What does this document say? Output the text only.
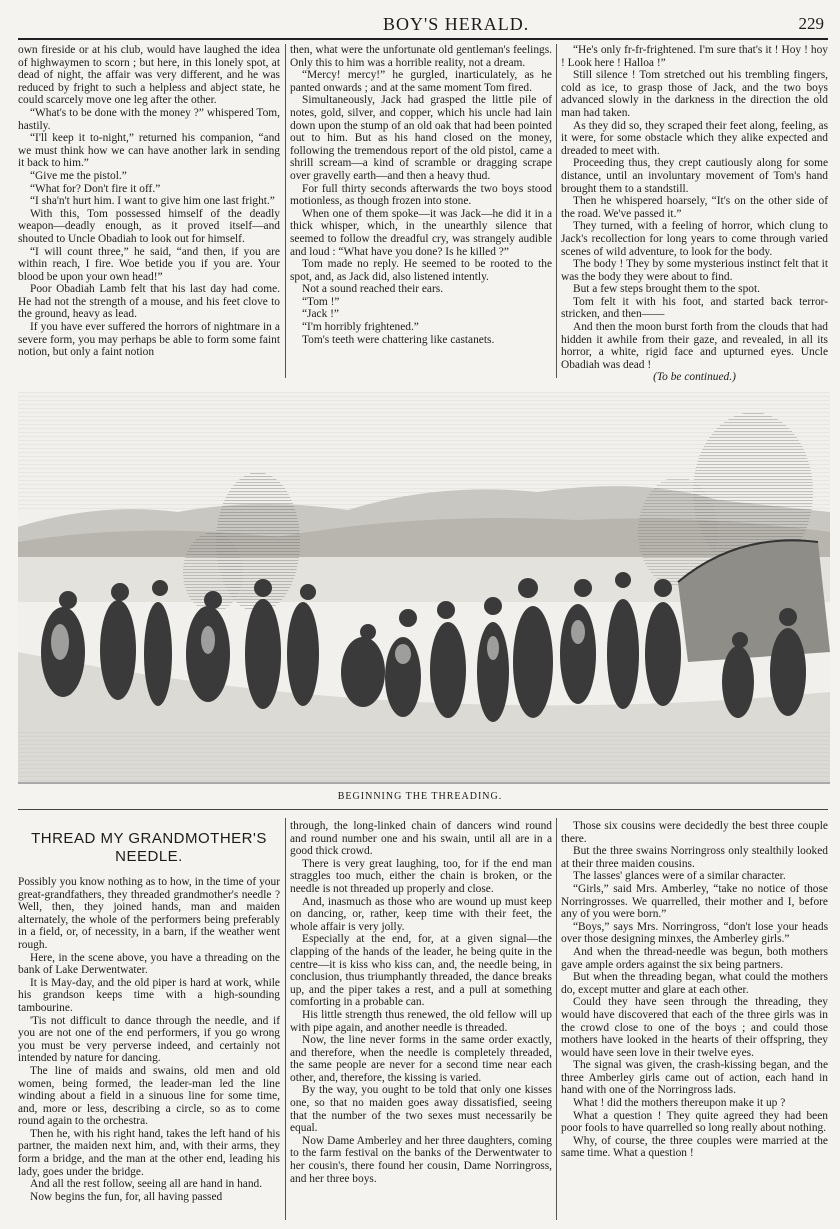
BOY'S HERALD.	229

own fireside or at his club, would have laughed the idea of highwaymen to scorn ; but here, in this lonely spot, at dead of night, the affair was very different, and he was reduced by fright to such a helpless and abject state, he could scarcely move one leg after the other.

“What's to be done with the money ?” whispered Tom, hastily.

“I'll keep it to-night,” returned his companion, “and we must think how we can have another lark in sending it back to him.”

“Give me the pistol.”

“What for? Don't fire it off.”

“I sha'n't hurt him. I want to give him one last fright.”

With this, Tom possessed himself of the deadly weapon—deadly enough, as it proved itself—and shouted to Uncle Obadiah to look out for himself.

“I will count three,” he said, “and then, if you are within reach, I fire. Woe betide you if you are. Your blood be upon your own head!”

Poor Obadiah Lamb felt that his last day had come. He had not the strength of a mouse, and his feet clove to the ground, heavy as lead.

If you have ever suffered the horrors of nightmare in a severe form, you may perhaps be able to form some faint notion, but only a faint notion

then, what were the unfortunate old gentleman's feelings. Only this to him was a horrible reality, not a dream.

“Mercy! mercy!” he gurgled, inarticulately, as he panted onwards ; and at the same moment Tom fired.

Simultaneously, Jack had grasped the little pile of notes, gold, silver, and copper, which his uncle had lain down upon the stump of an old oak that had been pointed out to him. But as his hand closed on the money, following the tremendous report of the old pistol, came a shrill scream—a kind of scramble or dragging scrape over gravelly earth—and then a heavy thud.

For full thirty seconds afterwards the two boys stood motionless, as though frozen into stone.

When one of them spoke—it was Jack—he did it in a thick whisper, which, in the unearthly silence that seemed to follow the dreadful cry, was strangely audible and loud : “What have you done? Is he killed ?”

Tom made no reply. He seemed to be rooted to the spot, and, as Jack did, also listened intently.

Not a sound reached their ears.

“Tom !”

“Jack !”

“I'm horribly frightened.”

Tom's teeth were chattering like castanets.

“He's only fr-fr-frightened. I'm sure that's it ! Hoy ! hoy ! Look here ! Halloa !”

Still silence ! Tom stretched out his trembling fingers, cold as ice, to grasp those of Jack, and the two boys advanced slowly in the darkness in the direction the old man had taken.

As they did so, they scraped their feet along, feeling, as it were, for some obstacle which they alike expected and dreaded to meet with.

Proceeding thus, they crept cautiously along for some distance, until an involuntary movement of Tom's hand brought them to a standstill.

Then he whispered hoarsely, “It's on the other side of the road. We've passed it.”

They turned, with a feeling of horror, which clung to Jack's recollection for long years to come through varied scenes of wild adventure, to look for the body.

The body ! They by some mysterious instinct felt that it was the body they were about to find.

But a few steps brought them to the spot.

Tom felt it with his foot, and started back terror-stricken, and then——

And then the moon burst forth from the clouds that had hidden it awhile from their gaze, and revealed, in all its horror, a white, rigid face and upturned eyes. Uncle Obadiah was dead !

(To be continued.)

BEGINNING THE THREADING.
THREAD MY GRANDMOTHER'S NEEDLE.

Possibly you know nothing as to how, in the time of your great-grandfathers, they threaded grandmother's needle ? Well, then, they joined hands, man and maiden alternately, the whole of the performers being preferably in a field, or, of necessity, in a barn, if the weather went rough.

Here, in the scene above, you have a threading on the bank of Lake Derwentwater.

It is May-day, and the old piper is hard at work, while his grandson keeps time with a high-sounding tambourine.

'Tis not difficult to dance through the needle, and if you are not one of the end performers, if you go wrong you must be very perverse indeed, and certainly not intended by nature for dancing.

The line of maids and swains, old men and old women, being formed, the leader-man led the line winding about a field in a sinuous line for some time, and, more or less, describing a circle, so as to come round again to the orchestra.

Then he, with his right hand, takes the left hand of his partner, the maiden next him, and, with their arms, they form a bridge, and the man at the other end, leading his lady, goes under the bridge.

And all the rest follow, seeing all are hand in hand.

Now begins the fun, for, all having passed

through, the long-linked chain of dancers wind round and round number one and his swain, until all are in a good thick crowd.

There is very great laughing, too, for if the end man straggles too much, either the chain is broken, or the needle is not threaded up properly and close.

And, inasmuch as those who are wound up must keep on dancing, or, rather, keep time with their feet, the whole affair is very jolly.

Especially at the end, for, at a given signal—the clapping of the hands of the leader, he being quite in the centre—it is kiss who kiss can, and, the needle being, in conclusion, thus triumphantly threaded, the dance breaks up, and the piper takes a rest, and a pull at something comforting in a probable can.

His little strength thus renewed, the old fellow will up with pipe again, and another needle is threaded.

Now, the line never forms in the same order exactly, and therefore, when the needle is completely threaded, the same people are never for a second time near each other, and, therefore, the kissing is varied.

By the way, you ought to be told that only one kisses one, so that no maiden goes away dissatisfied, seeing that the number of the two sexes must necessarily be equal.

Now Dame Amberley and her three daughters, coming to the farm festival on the banks of the Derwentwater to her cousin's, there found her cousin, Dame Norringross, and her three boys.

Those six cousins were decidedly the best three couple there.

But the three swains Norringross only stealthily looked at their three maiden cousins.

The lasses' glances were of a similar character.

“Girls,” said Mrs. Amberley, “take no notice of those Norringrosses. We quarrelled, their mother and I, before any of you were born.”

“Boys,” says Mrs. Norringross, “don't lose your heads over those designing minxes, the Amberley girls.”

And when the thread-needle was begun, both mothers gave ample orders against the six being partners.

But when the threading began, what could the mothers do, except mutter and glare at each other.

Could they have seen through the threading, they would have discovered that each of the three girls was in the crowd close to one of the boys ; and could those mothers have looked in the hearts of their offspring, they would have seen love in their twelve eyes.

The signal was given, the crash-kissing began, and the three Amberley girls came out of action, each hand in hand with one of the Norringross lads.

What ! did the mothers thereupon make it up ?

What a question ! They quite agreed they had been poor fools to have quarrelled so long really about nothing.

Why, of course, the three couples were married at the same time. What a question !
